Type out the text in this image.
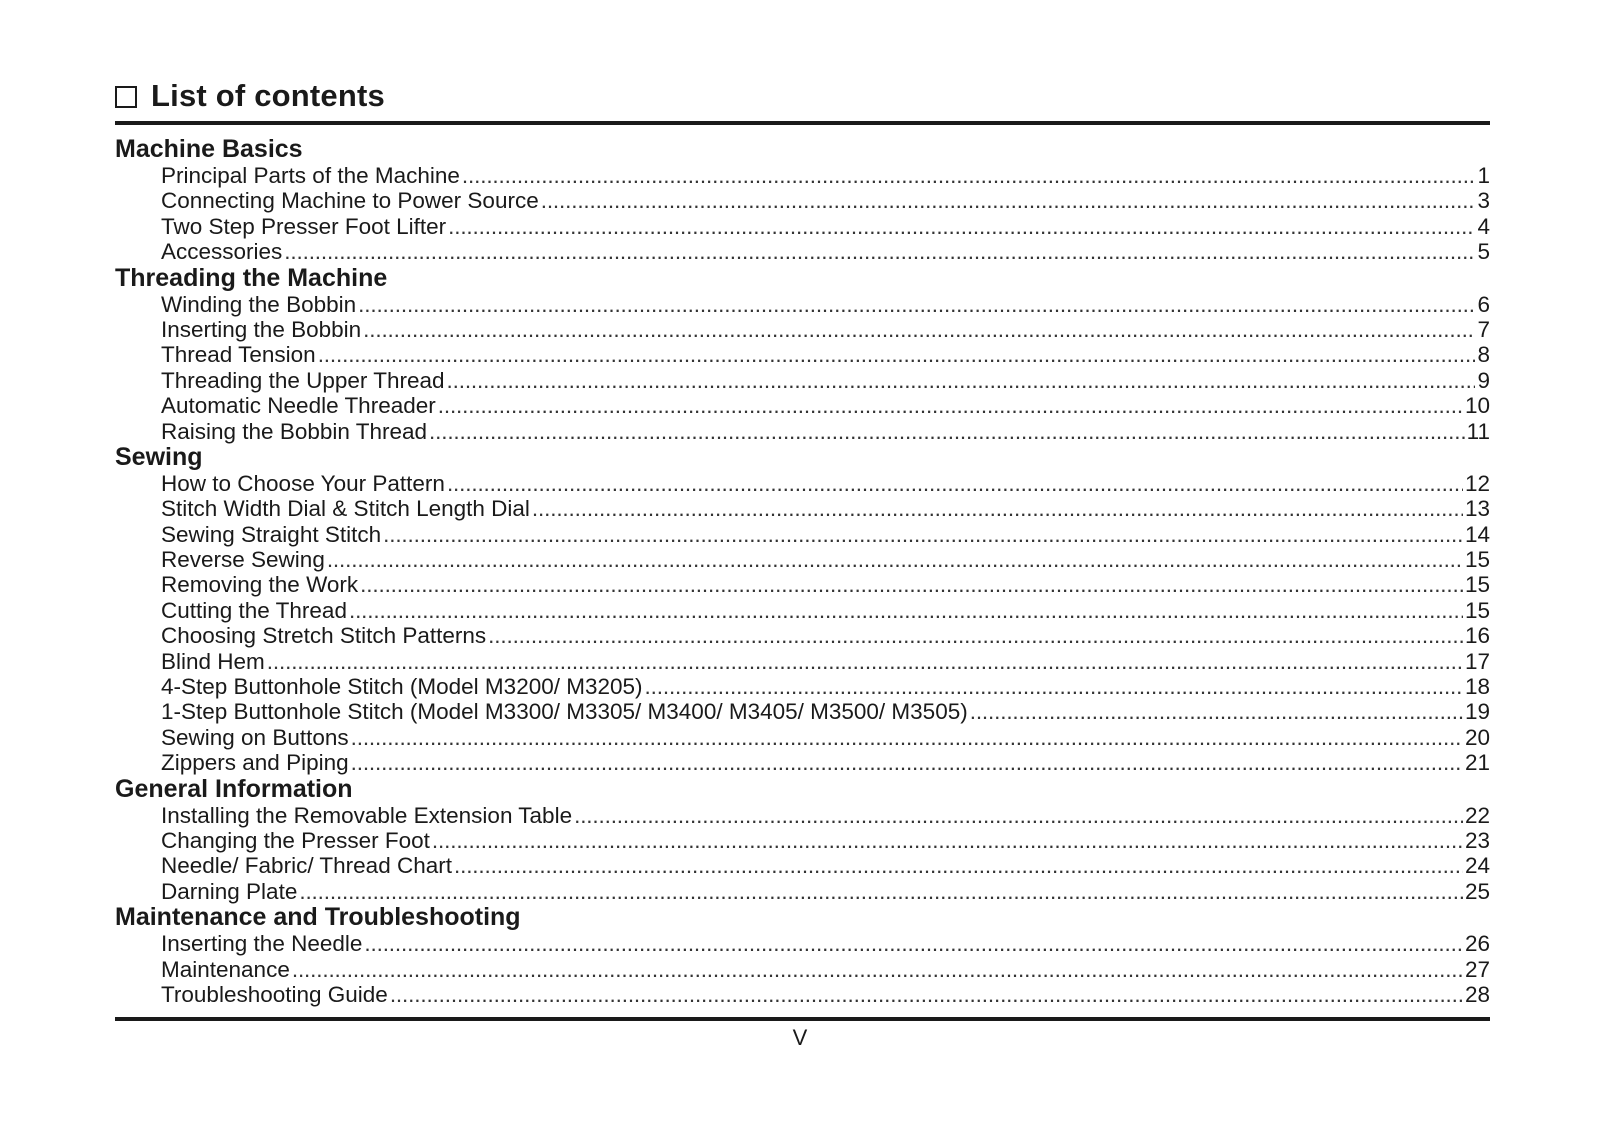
List of contents
Machine Basics
Principal Parts of the Machine . . .	1
Connecting Machine to Power Source . . .	3
Two Step Presser Foot Lifter . . .	4
Accessories . . .	5
Threading the Machine
Winding the Bobbin . . .	6
Inserting the Bobbin . . .	7
Thread Tension . . .	8
Threading the Upper Thread . . .	9
Automatic Needle Threader . . .	10
Raising the Bobbin Thread . . .	11
Sewing
How to Choose Your Pattern . . .	12
Stitch Width Dial & Stitch Length Dial . . .	13
Sewing Straight Stitch . . .	14
Reverse Sewing . . .	15
Removing the Work . . .	15
Cutting the Thread . . .	15
Choosing Stretch Stitch Patterns . . .	16
Blind Hem . . .	17
4-Step Buttonhole Stitch (Model M3200/ M3205) . . .	18
1-Step Buttonhole Stitch (Model M3300/ M3305/ M3400/ M3405/ M3500/ M3505) . . .	19
Sewing on Buttons . . .	20
Zippers and Piping . . .	21
General Information
Installing the Removable Extension Table . . .	22
Changing the Presser Foot . . .	23
Needle/ Fabric/ Thread Chart . . .	24
Darning Plate . . .	25
Maintenance and Troubleshooting
Inserting the Needle . . .	26
Maintenance . . .	27
Troubleshooting Guide . . .	28
V
